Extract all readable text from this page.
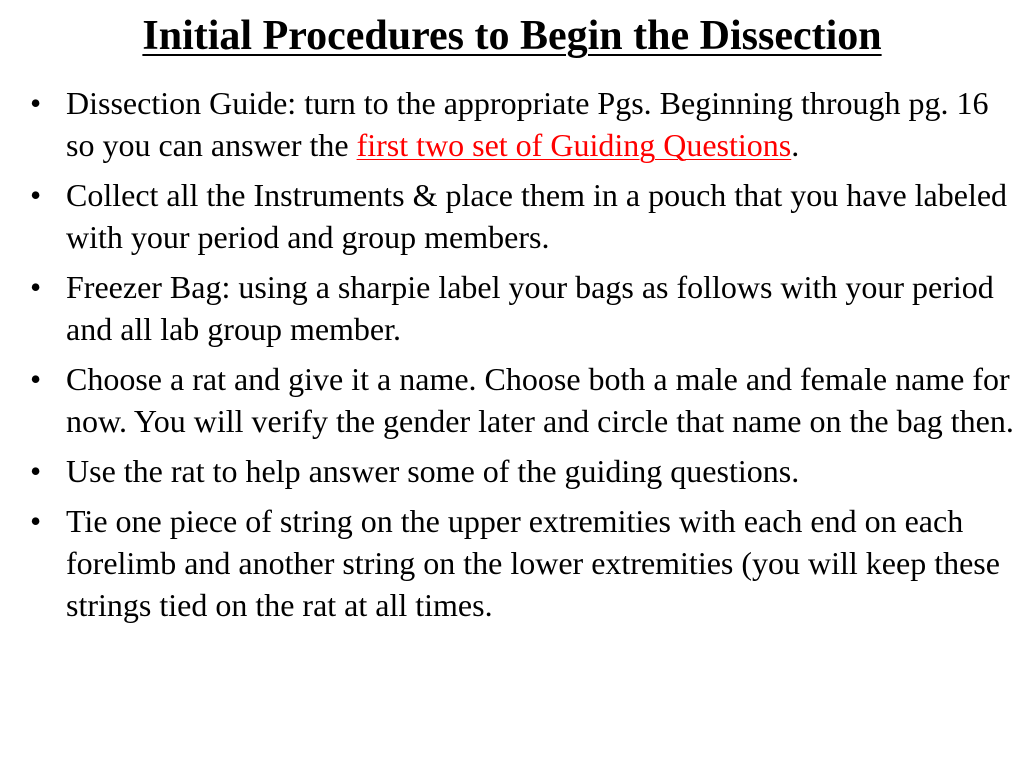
Initial Procedures to Begin the Dissection
• Dissection Guide: turn to the appropriate Pgs. Beginning through pg. 16 so you can answer the first two set of Guiding Questions.
• Collect all the Instruments & place them in a pouch that you have labeled with your period and group members.
• Freezer Bag: using a sharpie label your bags as follows with your period and all lab group member.
• Choose a rat and give it a name. Choose both a male and female name for now. You will verify the gender later and circle that name on the bag then.
• Use the rat to help answer some of the guiding questions.
• Tie one piece of string on the upper extremities with each end on each forelimb and another string on the lower extremities (you will keep these strings tied on the rat at all times.
